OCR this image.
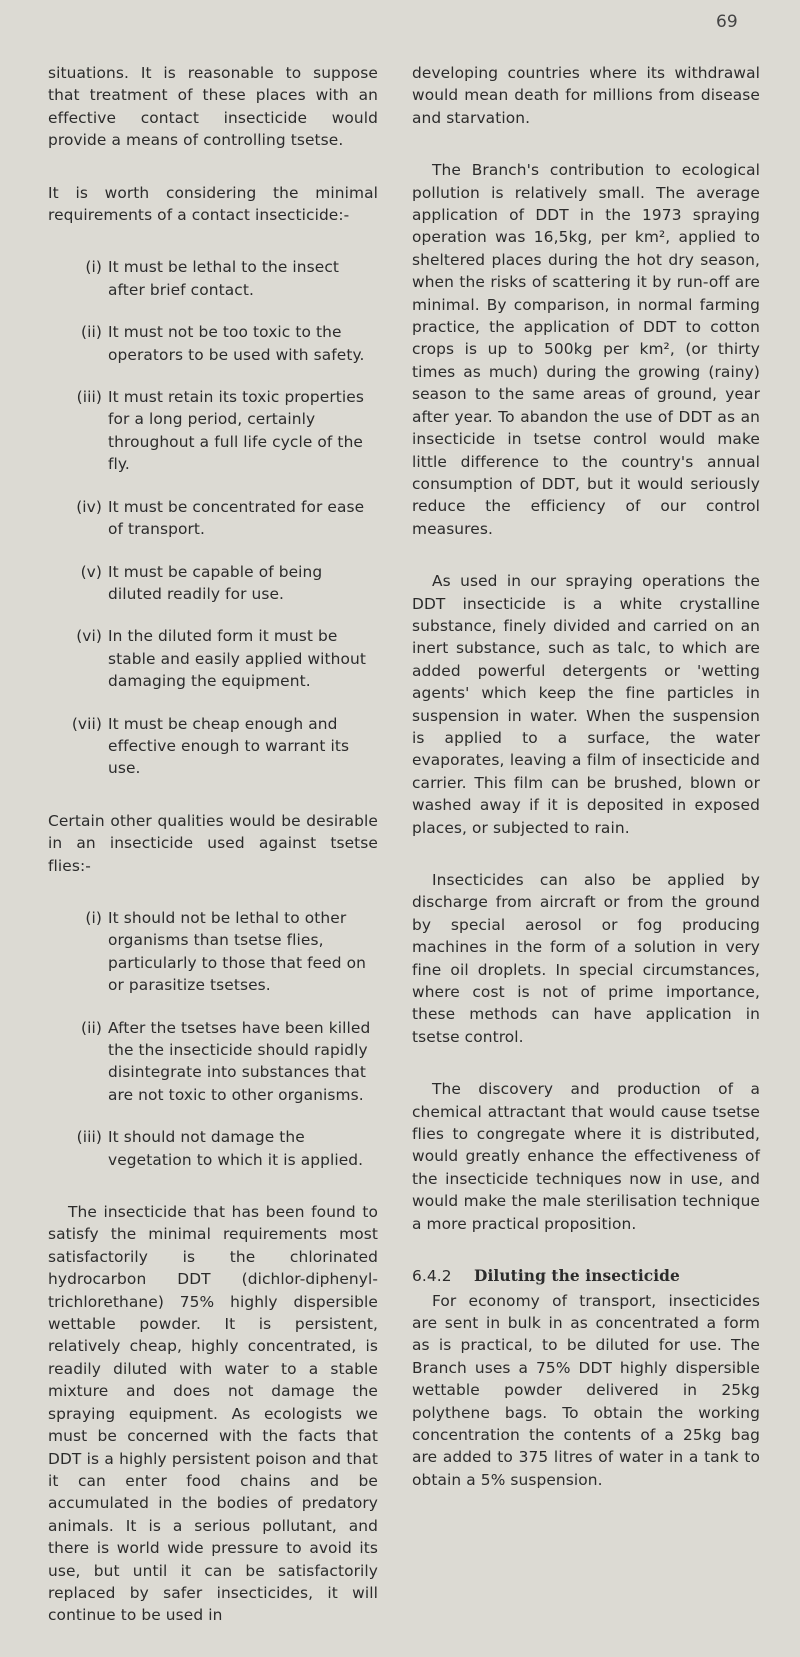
69

situations. It is reasonable to suppose that treatment of these places with an effective contact insecticide would provide a means of controlling tsetse.

It is worth considering the minimal requirements of a contact insecticide:-

(i) It must be lethal to the insect after brief contact.
(ii) It must not be too toxic to the operators to be used with safety.
(iii) It must retain its toxic properties for a long period, certainly throughout a full life cycle of the fly.
(iv) It must be concentrated for ease of transport.
(v) It must be capable of being diluted readily for use.
(vi) In the diluted form it must be stable and easily applied without damaging the equipment.
(vii) It must be cheap enough and effective enough to warrant its use.

Certain other qualities would be desirable in an insecticide used against tsetse flies:-

(i) It should not be lethal to other organisms than tsetse flies, particularly to those that feed on or parasitize tsetses.
(ii) After the tsetses have been killed the the insecticide should rapidly disintegrate into substances that are not toxic to other organisms.
(iii) It should not damage the vegetation to which it is applied.

The insecticide that has been found to satisfy the minimal requirements most satisfactorily is the chlorinated hydrocarbon DDT (dichlor-diphenyl-trichlorethane) 75% highly dispersible wettable powder. It is persistent, relatively cheap, highly concentrated, is readily diluted with water to a stable mixture and does not damage the spraying equipment. As ecologists we must be concerned with the facts that DDT is a highly persistent poison and that it can enter food chains and be accumulated in the bodies of predatory animals. It is a serious pollutant, and there is world wide pressure to avoid its use, but until it can be satisfactorily replaced by safer insecticides, it will continue to be used in

developing countries where its withdrawal would mean death for millions from disease and starvation.

The Branch's contribution to ecological pollution is relatively small. The average application of DDT in the 1973 spraying operation was 16,5kg, per km², applied to sheltered places during the hot dry season, when the risks of scattering it by run-off are minimal. By comparison, in normal farming practice, the application of DDT to cotton crops is up to 500kg per km², (or thirty times as much) during the growing (rainy) season to the same areas of ground, year after year. To abandon the use of DDT as an insecticide in tsetse control would make little difference to the country's annual consumption of DDT, but it would seriously reduce the efficiency of our control measures.

As used in our spraying operations the DDT insecticide is a white crystalline substance, finely divided and carried on an inert substance, such as talc, to which are added powerful detergents or 'wetting agents' which keep the fine particles in suspension in water. When the suspension is applied to a surface, the water evaporates, leaving a film of insecticide and carrier. This film can be brushed, blown or washed away if it is deposited in exposed places, or subjected to rain.

Insecticides can also be applied by discharge from aircraft or from the ground by special aerosol or fog producing machines in the form of a solution in very fine oil droplets. In special circumstances, where cost is not of prime importance, these methods can have application in tsetse control.

The discovery and production of a chemical attractant that would cause tsetse flies to congregate where it is distributed, would greatly enhance the effectiveness of the insecticide techniques now in use, and would make the male sterilisation technique a more practical proposition.

6.4.2 Diluting the insecticide

For economy of transport, insecticides are sent in bulk in as concentrated a form as is practical, to be diluted for use. The Branch uses a 75% DDT highly dispersible wettable powder delivered in 25kg polythene bags. To obtain the working concentration the contents of a 25kg bag are added to 375 litres of water in a tank to obtain a 5% suspension.
